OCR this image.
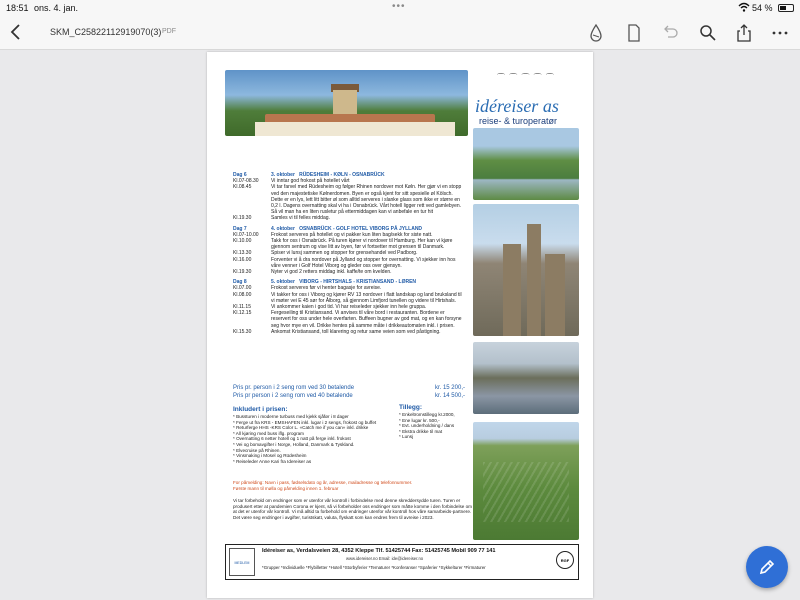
18:51 ons. 4. jan.	•••	54 %
SKM_C25822112919070(3) PDF
⌒ ⌒ ⌒ ⌒ ⌒
idéreiser as
reise- & turoperatør
Dag 6	3. oktober RÜDESHEIM - KØLN - OSNABRÜCK
Kl.07-08.30	Vi inntar god frokost på hotellet vårt
Kl.08.45	Vi tar farvel med Rüdesheim og følger Rhinen nordover mot Køln. Her gjør vi en stopp ved den majestetiske Kølnerdomen. Byen er også kjent for sitt spesielle øl Kölsch. Dette er en lys, lett litt bitter øl som alltid serveres i slanke glass som ikke er større en 0,2 l. Dagens overnatting skal vi ha i Osnabrück. Vårt hotell ligger rett ved gamlebyen. Så vil man ha en liten rusletur på ettermiddagen kan vi anbefale en tur hit
Kl.19.30	Samles vi til felles middag.
Dag 7	4. oktober OSNABRÜCK - GOLF HOTEL VIBORG PÅ JYLLAND
Kl.07-10.00	Frokost serveres på hotellet og vi pakker kun liten bag/sekk for siste natt.
Kl.10.00	Takk for oss i Osnabrück. På turen kjører vi nordover til Hamburg. Her kan vi kjøre gjennom sentrum og vise litt av byen, før vi fortsetter mot grensen til Danmark.
Kl.13.30	Spiser vi lunsj sammen og stopper for grensehandel ved Padborg.
Kl.16.00	Forventer vi å dra nordover på Jylland og stopper for overnatting. Vi sjekker inn hos våre venner i Golf Hotel Viborg og gleder oss over gjensyn.
Kl.19.30	Nyter vi god 2 retters middag inkl. kaffe/te om kvelden.
Dag 8	5. oktober VIBORG - HIRTSHALS - KRISTIANSAND - LØREN
Kl.07.00	Frokost serveres før vi henter bagasje for avreise.
Kl.08.00	Vi takker for oss i Viborg og kjører RV 13 nordover i flatt landskap og land bruksland til vi møter vei E 45 sør for Ålborg, så gjennom Limfjord tunellen og videre til Hirtshals.
Kl.11.15	Vi ankommer kaien i god tid. Vi har reiseleder sjekker inn hele gruppa.
Kl.12.15	Fergeseiling til Kristiansand. Vi anvises til våre bord i restauranten. Bordene er reservert for oss under hele overfarten. Buffeen bugner av god mat, og en kan forsyne seg hvor mye en vil. Drikke hentes på samme måte i drikkeautomaten inkl. i prisen.
Kl.15.30	Ankomst Kristiansand, toll klarering og retur same veien som ved påstigning.
Pris pr. person i 2 seng rom ved 30 betalende	kr. 15 200,-
Pris pr person i 2 seng rom ved 40 betalende	kr. 14 500,-
Inkludert i prisen:
* Bussturen i moderne turbuss med kjekk sjåfør i 8 dager
* Ferge ut fra KRS - EMSHAFEN inkl. lugar i 2 sengs, frokost og buffet
* Returferge HHS -KRS Color L. «Catch me if you can» inkl. drikke
* All kjøring med buss iflg. program
* Overnatting 6 netter hotell og 1 natt på ferge inkl. frokost
* Vei og bomavgifter i Norge, Holland, Danmark & Tyskland.
* Elvecruise på Rhinen.
* Vinsmaking i Mosel og Rüdesheim
* Reiseleder Anne Kari fra Idereiser as
Tillegg:
* Enkeltromstillegg kr.2000,
* Ene lugar kr. 500,-
* Evt. underholdning / dans
* Ekstra drikke til mat
* Lunsj
For påmelding: Navn i pass, fødselsdato og år, adresse, mailadresse og telefonnummer.
Første mann til mølla og påmelding innen 1. februar
Vi tar forbehold om endringer som er utenfor vår kontroll i forbindelse med denne skreddersydde turen. Turen er produsert etter at pandemien Corona er kjent, så vi forbeholder oss endringer som måtte komme i den forbindelse om at det er utenfor vår kontroll. Vi må alltid ta forbehold om endringer utenfor vår kontroll hos våre samarbeids-partnere. Det være seg endringer i avgifter, turistskatt, valuta, flyskatt som kan endres frem til avreise i 2023.
MEDLEM
Idéreiser as, Verdalsveien 28, 4352 Kleppe Tlf. 51425744 Fax: 51425745 Mobil 909 77 141
www.idereiser.no Email: ide@idereiser.no
*Grupper *Individuelle *Flybilletter *Hotell *Storbyferier *Tematurer *Konferanser *Spaferier *Sykkelturer *Firmaturer
RGF
